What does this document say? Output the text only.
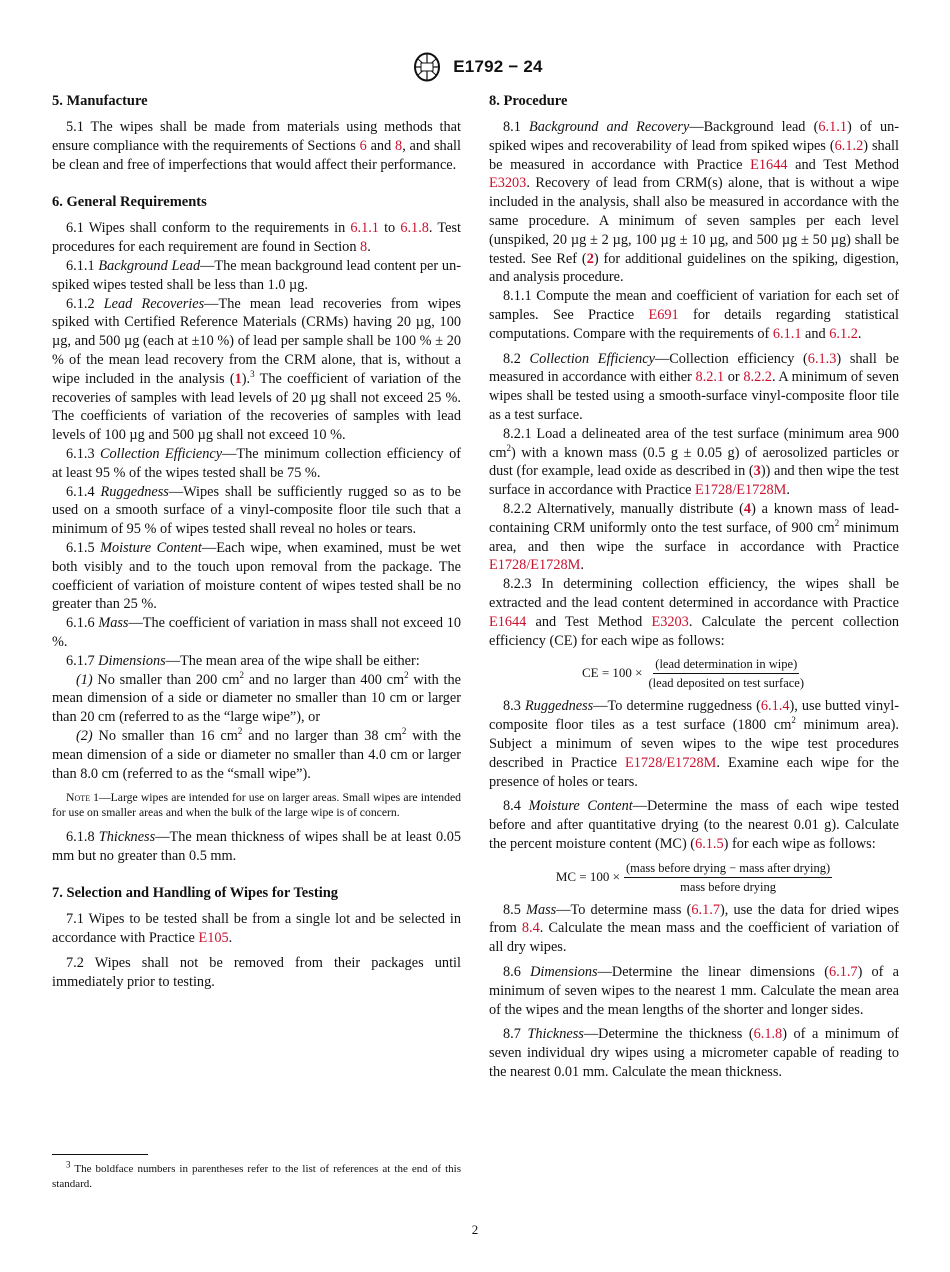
E1792 − 24
5. Manufacture

5.1 The wipes shall be made from materials using methods that ensure compliance with the requirements of Sections 6 and 8, and shall be clean and free of imperfections that would affect their performance.

6. General Requirements

6.1 Wipes shall conform to the requirements in 6.1.1 to 6.1.8. Test procedures for each requirement are found in Section 8.

6.1.1 Background Lead—The mean background lead content per un-spiked wipes tested shall be less than 1.0 µg.

6.1.2 Lead Recoveries—The mean lead recoveries from wipes spiked with Certified Reference Materials (CRMs) having 20 µg, 100 µg, and 500 µg (each at ±10 %) of lead per sample shall be 100 % ± 20 % of the mean lead recovery from the CRM alone, that is, without a wipe included in the analysis (1).$^3$ The coefficient of variation of the recoveries of samples with lead levels of 20 µg shall not exceed 25 %. The coefficients of variation of the recoveries of samples with lead levels of 100 µg and 500 µg shall not exceed 10 %.

6.1.3 Collection Efficiency—The minimum collection efficiency of at least 95 % of the wipes tested shall be 75 %.

6.1.4 Ruggedness—Wipes shall be sufficiently rugged so as to be used on a smooth surface of a vinyl-composite floor tile such that a minimum of 95 % of wipes tested shall reveal no holes or tears.

6.1.5 Moisture Content—Each wipe, when examined, must be wet both visibly and to the touch upon removal from the package. The coefficient of variation of moisture content of wipes tested shall be no greater than 25 %.

6.1.6 Mass—The coefficient of variation in mass shall not exceed 10 %.

6.1.7 Dimensions—The mean area of the wipe shall be either:

(1) No smaller than 200 $cm^2$ and no larger than 400 $cm^2$ with the mean dimension of a side or diameter no smaller than 10 cm or larger than 20 cm (referred to as the “large wipe”), or

(2) No smaller than 16 $cm^2$ and no larger than 38 $cm^2$ with the mean dimension of a side or diameter no smaller than 4.0 cm or larger than 8.0 cm (referred to as the “small wipe”).

Note 1—Large wipes are intended for use on larger areas. Small wipes are intended for use on smaller areas and when the bulk of the large wipe is of concern.

6.1.8 Thickness—The mean thickness of wipes shall be at least 0.05 mm but no greater than 0.5 mm.

7. Selection and Handling of Wipes for Testing

7.1 Wipes to be tested shall be from a single lot and be selected in accordance with Practice E105.

7.2 Wipes shall not be removed from their packages until immediately prior to testing.

$^3$ The boldface numbers in parentheses refer to the list of references at the end of this standard.

8. Procedure

8.1 Background and Recovery—Background lead (6.1.1) of un-spiked wipes and recoverability of lead from spiked wipes (6.1.2) shall be measured in accordance with Practice E1644 and Test Method E3203. Recovery of lead from CRM(s) alone, that is without a wipe included in the analysis, shall also be measured in accordance with the same procedure. A minimum of seven samples per each level (unspiked, 20 µg ± 2 µg, 100 µg ± 10 µg, and 500 µg ± 50 µg) shall be tested. See Ref (2) for additional guidelines on the spiking, digestion, and analysis procedure.

8.1.1 Compute the mean and coefficient of variation for each set of samples. See Practice E691 for details regarding statistical computations. Compare with the requirements of 6.1.1 and 6.1.2.

8.2 Collection Efficiency—Collection efficiency (6.1.3) shall be measured in accordance with either 8.2.1 or 8.2.2. A minimum of seven wipes shall be tested using a smooth-surface vinyl-composite floor tile as a test surface.

8.2.1 Load a delineated area of the test surface (minimum area 900 $cm^2$) with a known mass (0.5 g ± 0.05 g) of aerosolized particles or dust (for example, lead oxide as described in (3)) and then wipe the test surface in accordance with Practice E1728/E1728M.

8.2.2 Alternatively, manually distribute (4) a known mass of lead-containing CRM uniformly onto the test surface, of 900 $cm^2$ minimum area, and then wipe the surface in accordance with Practice E1728/E1728M.

8.2.3 In determining collection efficiency, the wipes shall be extracted and the lead content determined in accordance with Practice E1644 and Test Method E3203. Calculate the percent collection efficiency (CE) for each wipe as follows:

CE = $100 \times \frac{\text{(lead determination in wipe)}}{\text{(lead deposited on test surface)}}$

8.3 Ruggedness—To determine ruggedness (6.1.4), use butted vinyl-composite floor tiles as a test surface (1800 $cm^2$ minimum area). Subject a minimum of seven wipes to the wipe test procedures described in Practice E1728/E1728M. Examine each wipe for the presence of holes or tears.

8.4 Moisture Content—Determine the mass of each wipe tested before and after quantitative drying (to the nearest 0.01 g). Calculate the percent moisture content (MC) (6.1.5) for each wipe as follows:

MC = $100 \times \frac{\text{(mass before drying − mass after drying)}}{\text{mass before drying}}$

8.5 Mass—To determine mass (6.1.7), use the data for dried wipes from 8.4. Calculate the mean mass and the coefficient of variation of all dry wipes.

8.6 Dimensions—Determine the linear dimensions (6.1.7) of a minimum of seven wipes to the nearest 1 mm. Calculate the mean area of the wipes and the mean lengths of the shorter and longer sides.

8.7 Thickness—Determine the thickness (6.1.8) of a minimum of seven individual dry wipes using a micrometer capable of reading to the nearest 0.01 mm. Calculate the mean thickness.

2
